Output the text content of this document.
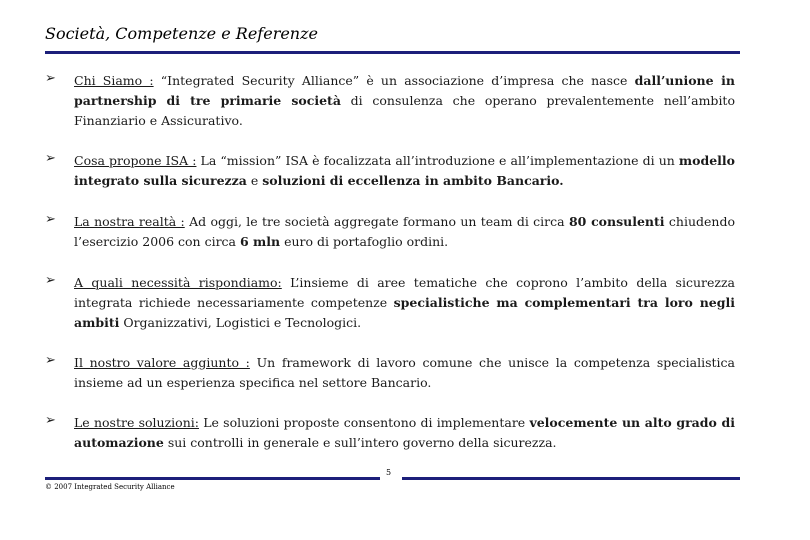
Società, Competenze e Referenze
➢ Chi Siamo : “Integrated Security Alliance” è un associazione d’impresa che nasce dall’unione in partnership di tre primarie società di consulenza che operano prevalentemente nell’ambito Finanziario e Assicurativo.
➢ Cosa propone ISA : La “mission” ISA è focalizzata all’introduzione e all’implementazione di un modello integrato sulla sicurezza e soluzioni di eccellenza in ambito Bancario.
➢ La nostra realtà : Ad oggi, le tre società aggregate formano un team di circa 80 consulenti chiudendo l’esercizio 2006 con circa 6 mln euro di portafoglio ordini.
➢ A quali necessità rispondiamo: L’insieme di aree tematiche che coprono l’ambito della sicurezza integrata richiede necessariamente competenze specialistiche ma complementari tra loro negli ambiti Organizzativi, Logistici e Tecnologici.
➢ Il nostro valore aggiunto : Un framework di lavoro comune che unisce la competenza specialistica insieme ad un esperienza specifica nel settore Bancario.
➢ Le nostre soluzioni: Le soluzioni proposte consentono di implementare velocemente un alto grado di automazione sui controlli in generale e sull’intero governo della sicurezza.
5
© 2007 Integrated Security Alliance
